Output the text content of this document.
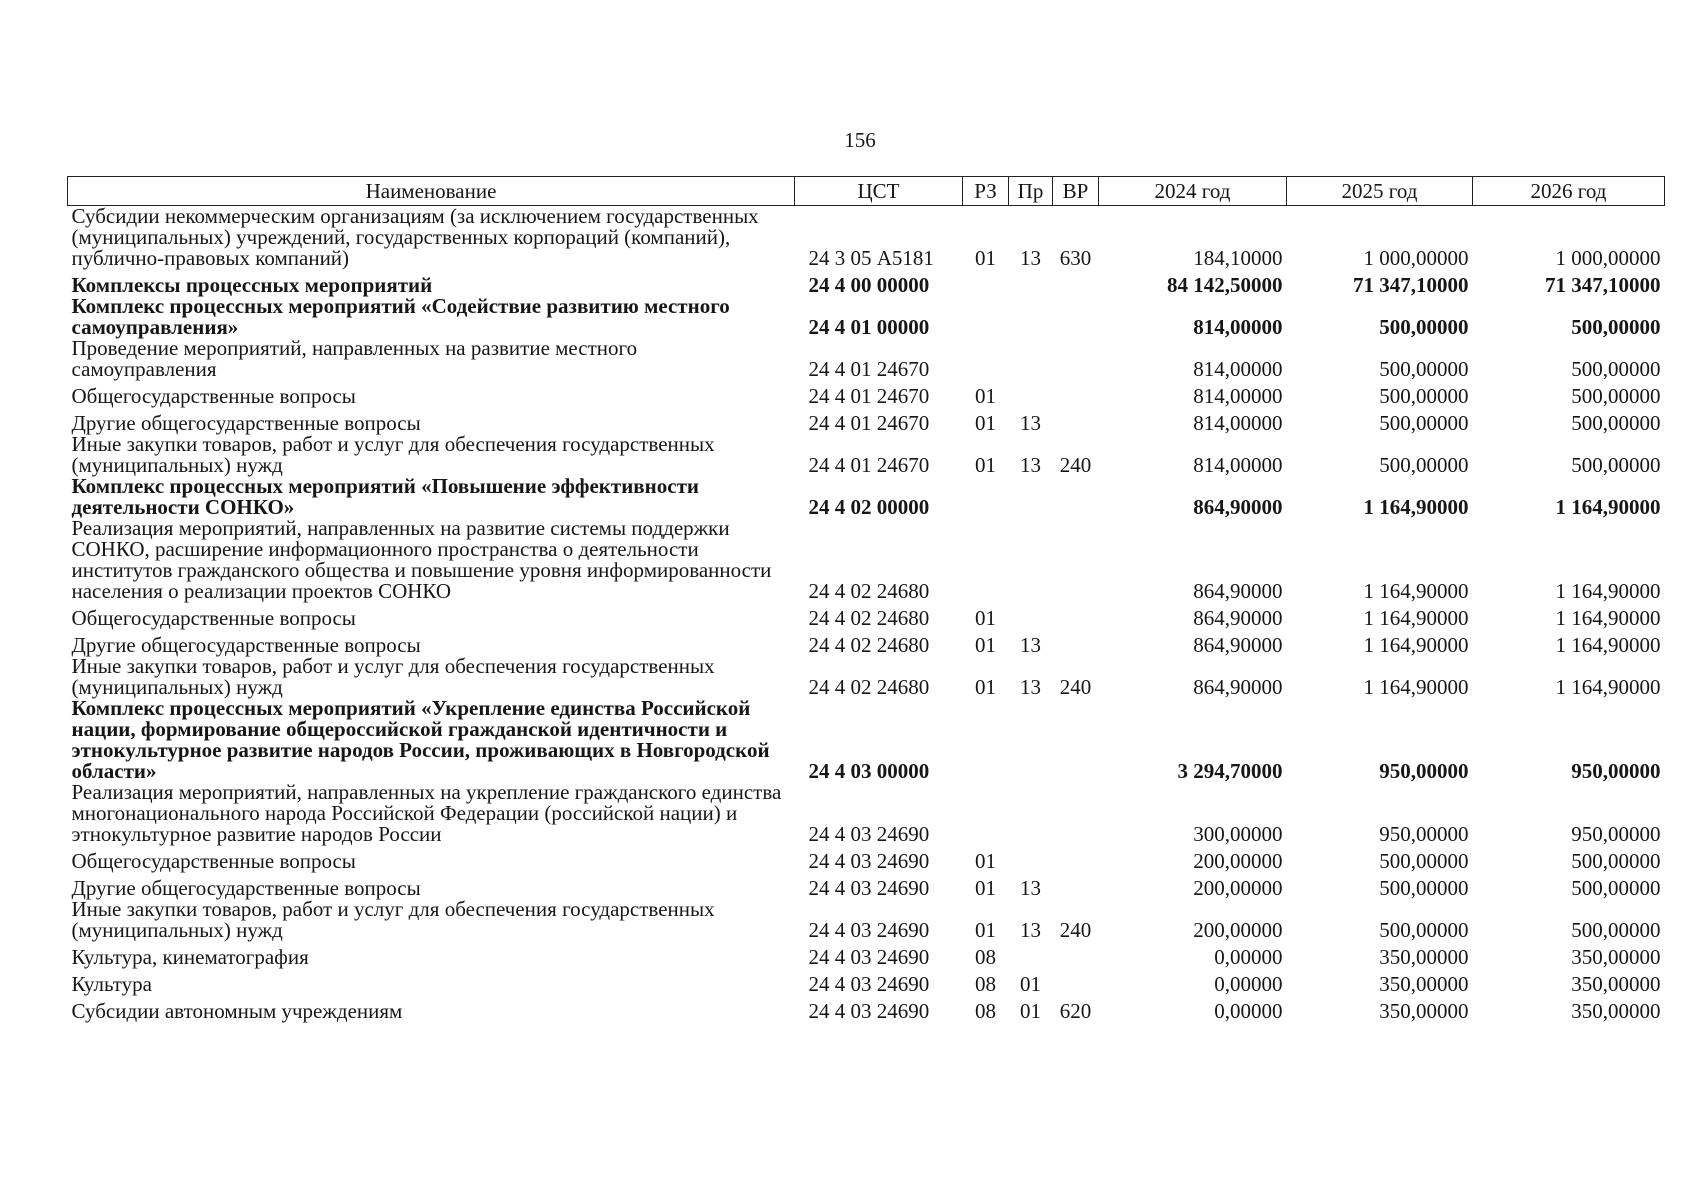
156
Наименование	ЦСТ	РЗ	Пр	ВР	2024 год	2025 год	2026 год
Субсидии некоммерческим организациям (за исключением государственных (муниципальных) учреждений, государственных корпораций (компаний), публично-правовых компаний)	24 3 05 А5181	01	13	630	184,10000	1 000,00000	1 000,00000
Комплексы процессных мероприятий	24 4 00 00000				84 142,50000	71 347,10000	71 347,10000
Комплекс процессных мероприятий «Содействие развитию местного самоуправления»	24 4 01 00000				814,00000	500,00000	500,00000
Проведение мероприятий, направленных на развитие местного самоуправления	24 4 01 24670				814,00000	500,00000	500,00000
Общегосударственные вопросы	24 4 01 24670	01			814,00000	500,00000	500,00000
Другие общегосударственные вопросы	24 4 01 24670	01	13		814,00000	500,00000	500,00000
Иные закупки товаров, работ и услуг для обеспечения государственных (муниципальных) нужд	24 4 01 24670	01	13	240	814,00000	500,00000	500,00000
Комплекс процессных мероприятий «Повышение эффективности деятельности СОНКО»	24 4 02 00000				864,90000	1 164,90000	1 164,90000
Реализация мероприятий, направленных на развитие системы поддержки СОНКО, расширение информационного пространства о деятельности институтов гражданского общества и повышение уровня информированности населения о реализации проектов СОНКО	24 4 02 24680				864,90000	1 164,90000	1 164,90000
Общегосударственные вопросы	24 4 02 24680	01			864,90000	1 164,90000	1 164,90000
Другие общегосударственные вопросы	24 4 02 24680	01	13		864,90000	1 164,90000	1 164,90000
Иные закупки товаров, работ и услуг для обеспечения государственных (муниципальных) нужд	24 4 02 24680	01	13	240	864,90000	1 164,90000	1 164,90000
Комплекс процессных мероприятий «Укрепление единства Российской нации, формирование общероссийской гражданской идентичности и этнокультурное развитие народов России, проживающих в Новгородской области»	24 4 03 00000				3 294,70000	950,00000	950,00000
Реализация мероприятий, направленных на укрепление гражданского единства многонационального народа Российской Федерации (российской нации) и этнокультурное развитие народов России	24 4 03 24690				300,00000	950,00000	950,00000
Общегосударственные вопросы	24 4 03 24690	01			200,00000	500,00000	500,00000
Другие общегосударственные вопросы	24 4 03 24690	01	13		200,00000	500,00000	500,00000
Иные закупки товаров, работ и услуг для обеспечения государственных (муниципальных) нужд	24 4 03 24690	01	13	240	200,00000	500,00000	500,00000
Культура, кинематография	24 4 03 24690	08			0,00000	350,00000	350,00000
Культура	24 4 03 24690	08	01		0,00000	350,00000	350,00000
Субсидии автономным учреждениям	24 4 03 24690	08	01	620	0,00000	350,00000	350,00000
